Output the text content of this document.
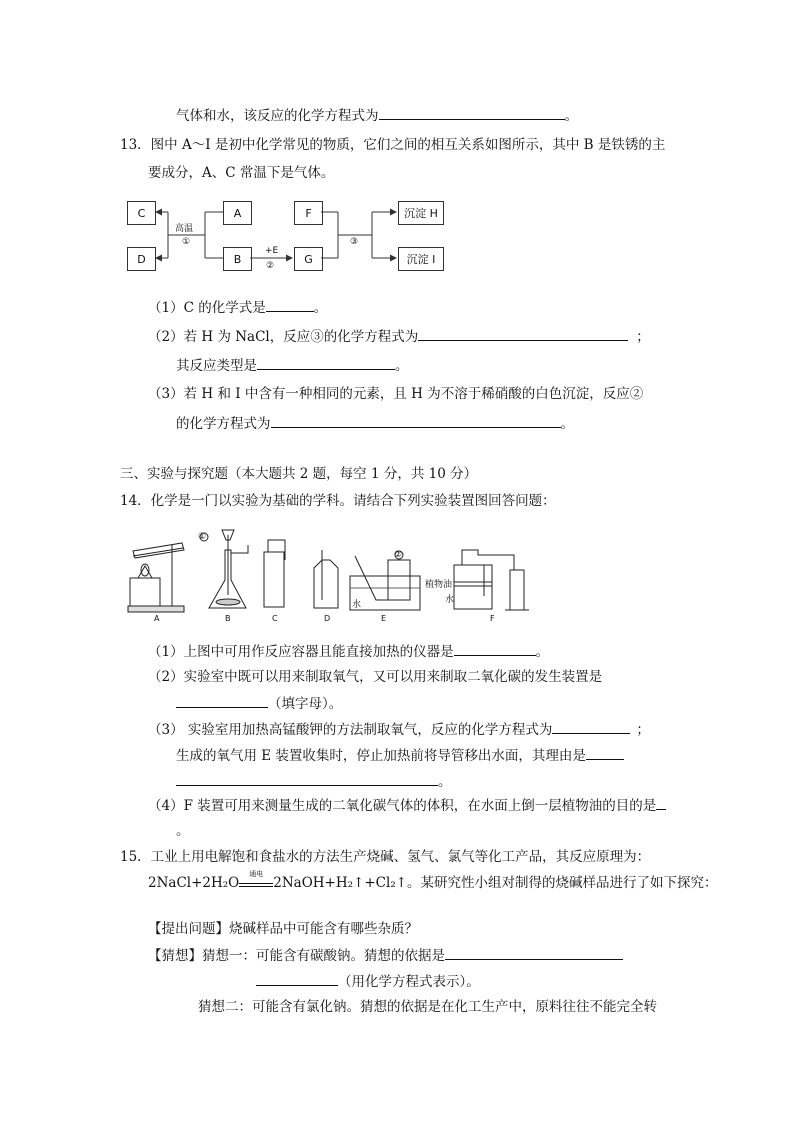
气体和水，该反应的化学方程式为	。
13．图中 A～I 是初中化学常见的物质，它们之间的相互关系如图所示，其中 B 是铁锈的主
要成分，A、C 常温下是气体。
C
D
A
B
F
G
沉淀 H
沉淀 I
高温
①
+E
②
③
（1）C 的化学式是	。
（2）若 H 为 NaCl，反应③的化学方程式为	；
其反应类型是	。
（3）若 H 和 I 中含有一种相同的元素，且 H 为不溶于稀硝酸的白色沉淀，反应②
的化学方程式为	。
三、实验与探究题（本大题共 2 题，每空 1 分，共 10 分）
14．化学是一门以实验为基础的学科。请结合下列实验装置图回答问题：
①
②
植物油
水	水
A	B	C	D	E	F
（1）上图中可用作反应容器且能直接加热的仪器是	。
（2）实验室中既可以用来制取氧气，又可以用来制取二氧化碳的发生装置是
（填字母）。
（3） 实验室用加热高锰酸钾的方法制取氧气，反应的化学方程式为	；
生成的氧气用 E 装置收集时，停止加热前将导管移出水面，其理由是
。
（4）F 装置可用来测量生成的二氧化碳气体的体积，在水面上倒一层植物油的目的是
。
15．工业上用电解饱和食盐水的方法生产烧碱、氢气、氯气等化工产品，其反应原理为：
2NaCl+2H₂O
通电
2NaOH+H₂↑+Cl₂↑。某研究性小组对制得的烧碱样品进行了如下探究：
【提出问题】烧碱样品中可能含有哪些杂质？
【猜想】猜想一：可能含有碳酸钠。猜想的依据是
（用化学方程式表示）。
猜想二：可能含有氯化钠。猜想的依据是在化工生产中，原料往往不能完全转
